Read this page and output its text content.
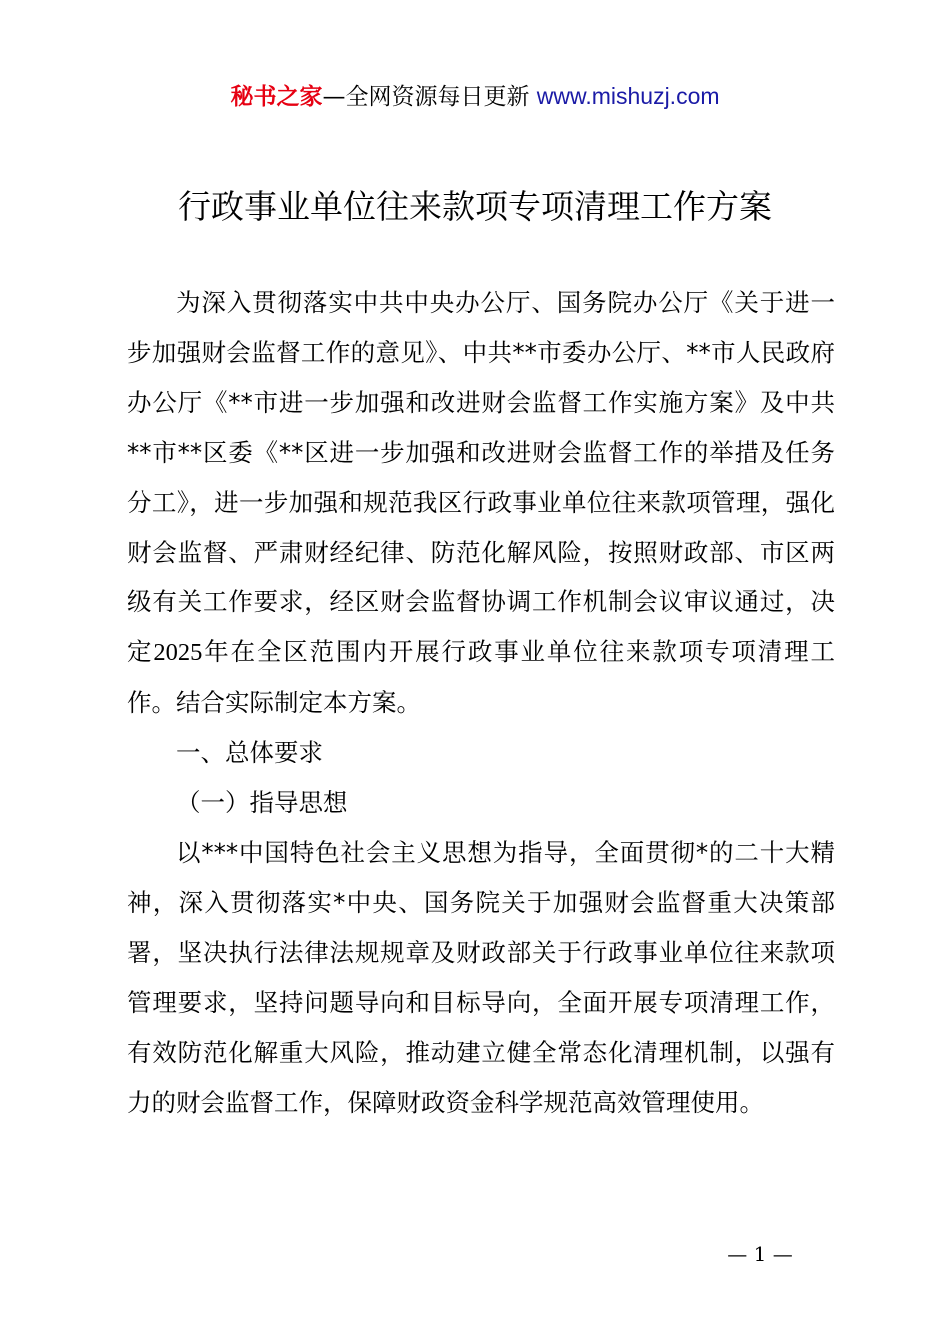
秘书之家—全网资源每日更新 www.mishuzj.com
行政事业单位往来款项专项清理工作方案

为深入贯彻落实中共中央办公厅、国务院办公厅《关于进一步加强财会监督工作的意见》、中共**市委办公厅、**市人民政府办公厅《**市进一步加强和改进财会监督工作实施方案》及中共**市**区委《**区进一步加强和改进财会监督工作的举措及任务分工》，进一步加强和规范我区行政事业单位往来款项管理，强化财会监督、严肃财经纪律、防范化解风险，按照财政部、市区两级有关工作要求，经区财会监督协调工作机制会议审议通过，决定2025年在全区范围内开展行政事业单位往来款项专项清理工作。结合实际制定本方案。

一、总体要求

（一）指导思想

以***中国特色社会主义思想为指导，全面贯彻*的二十大精神，深入贯彻落实*中央、国务院关于加强财会监督重大决策部署，坚决执行法律法规规章及财政部关于行政事业单位往来款项管理要求，坚持问题导向和目标导向，全面开展专项清理工作，有效防范化解重大风险，推动建立健全常态化清理机制，以强有力的财会监督工作，保障财政资金科学规范高效管理使用。

— 1 —
